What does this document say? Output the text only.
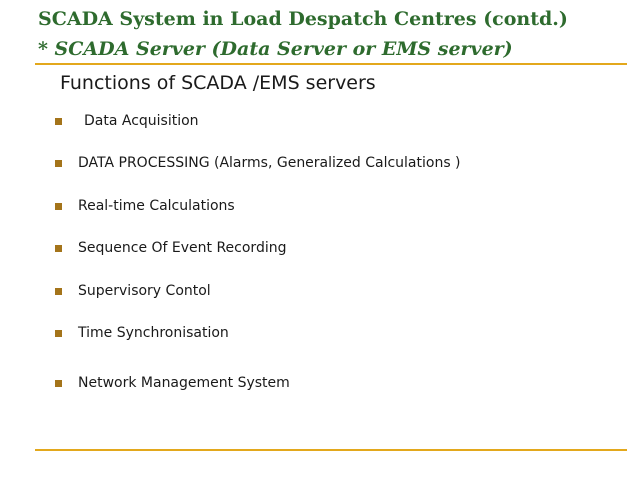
SCADA System in Load Despatch Centres (contd.)
* SCADA Server (Data Server or EMS server)
Functions of SCADA /EMS servers
Data Acquisition
DATA PROCESSING (Alarms, Generalized Calculations )
Real-time Calculations
Sequence Of Event Recording
Supervisory Contol
Time Synchronisation
Network Management System
